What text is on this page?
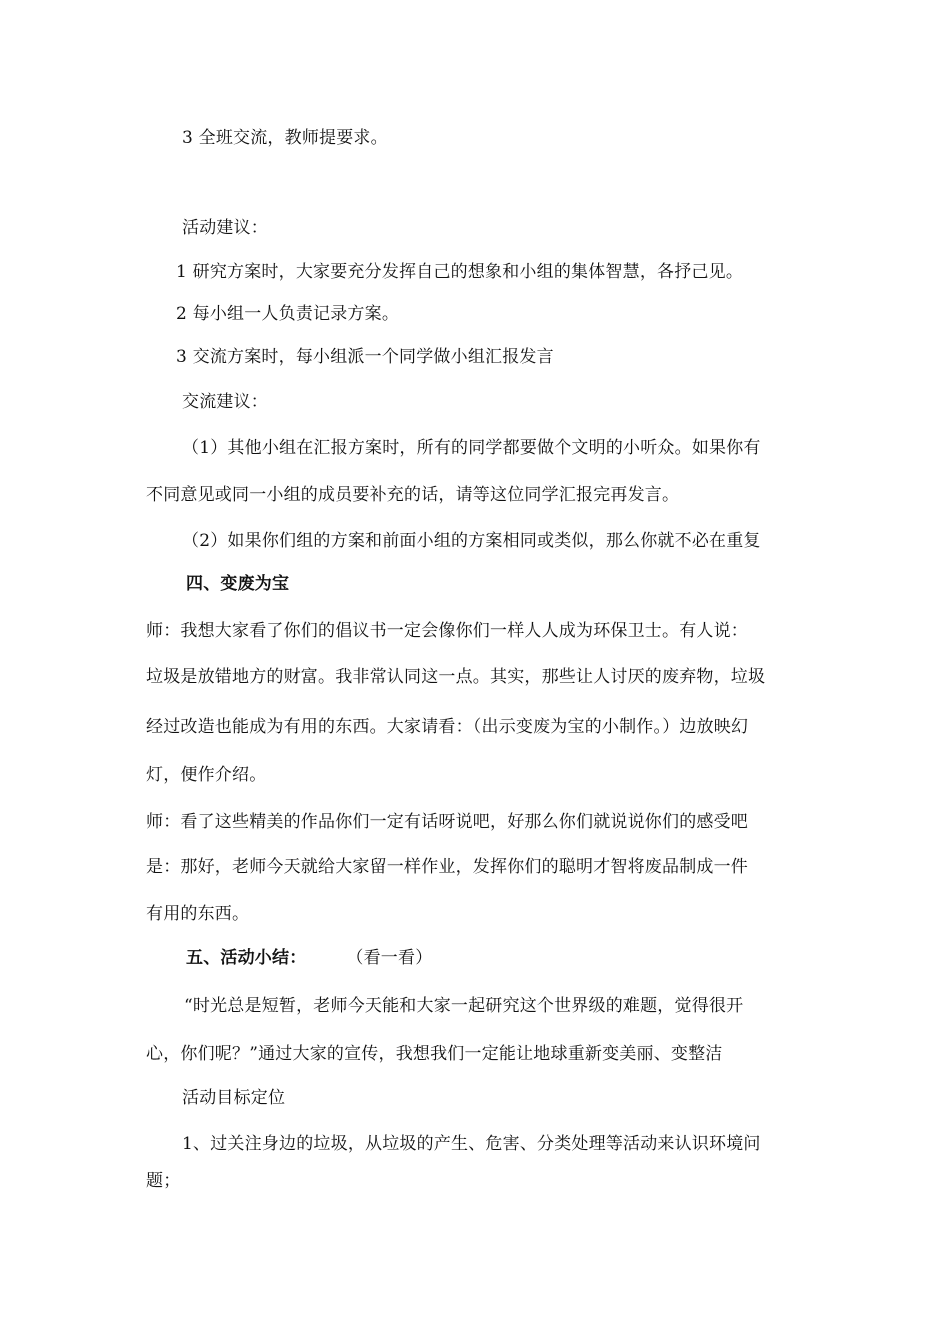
3 全班交流，教师提要求。
活动建议：
1 研究方案时，大家要充分发挥自己的想象和小组的集体智慧，各抒己见。
2 每小组一人负责记录方案。
3 交流方案时，每小组派一个同学做小组汇报发言
交流建议：
（1）其他小组在汇报方案时，所有的同学都要做个文明的小听众。如果你有
不同意见或同一小组的成员要补充的话，请等这位同学汇报完再发言。
（2）如果你们组的方案和前面小组的方案相同或类似，那么你就不必在重复
四、变废为宝
师：我想大家看了你们的倡议书一定会像你们一样人人成为环保卫士。有人说：
垃圾是放错地方的财富。我非常认同这一点。其实，那些让人讨厌的废弃物，垃圾
经过改造也能成为有用的东西。大家请看：（出示变废为宝的小制作。）边放映幻
灯，便作介绍。
师：看了这些精美的作品你们一定有话呀说吧，好那么你们就说说你们的感受吧
是：那好，老师今天就给大家留一样作业，发挥你们的聪明才智将废品制成一件
有用的东西。
五、活动小结： （看一看）
“时光总是短暂，老师今天能和大家一起研究这个世界级的难题，觉得很开
心，你们呢？”通过大家的宣传，我想我们一定能让地球重新变美丽、变整洁
活动目标定位
1、过关注身边的垃圾，从垃圾的产生、危害、分类处理等活动来认识环境问
题；
